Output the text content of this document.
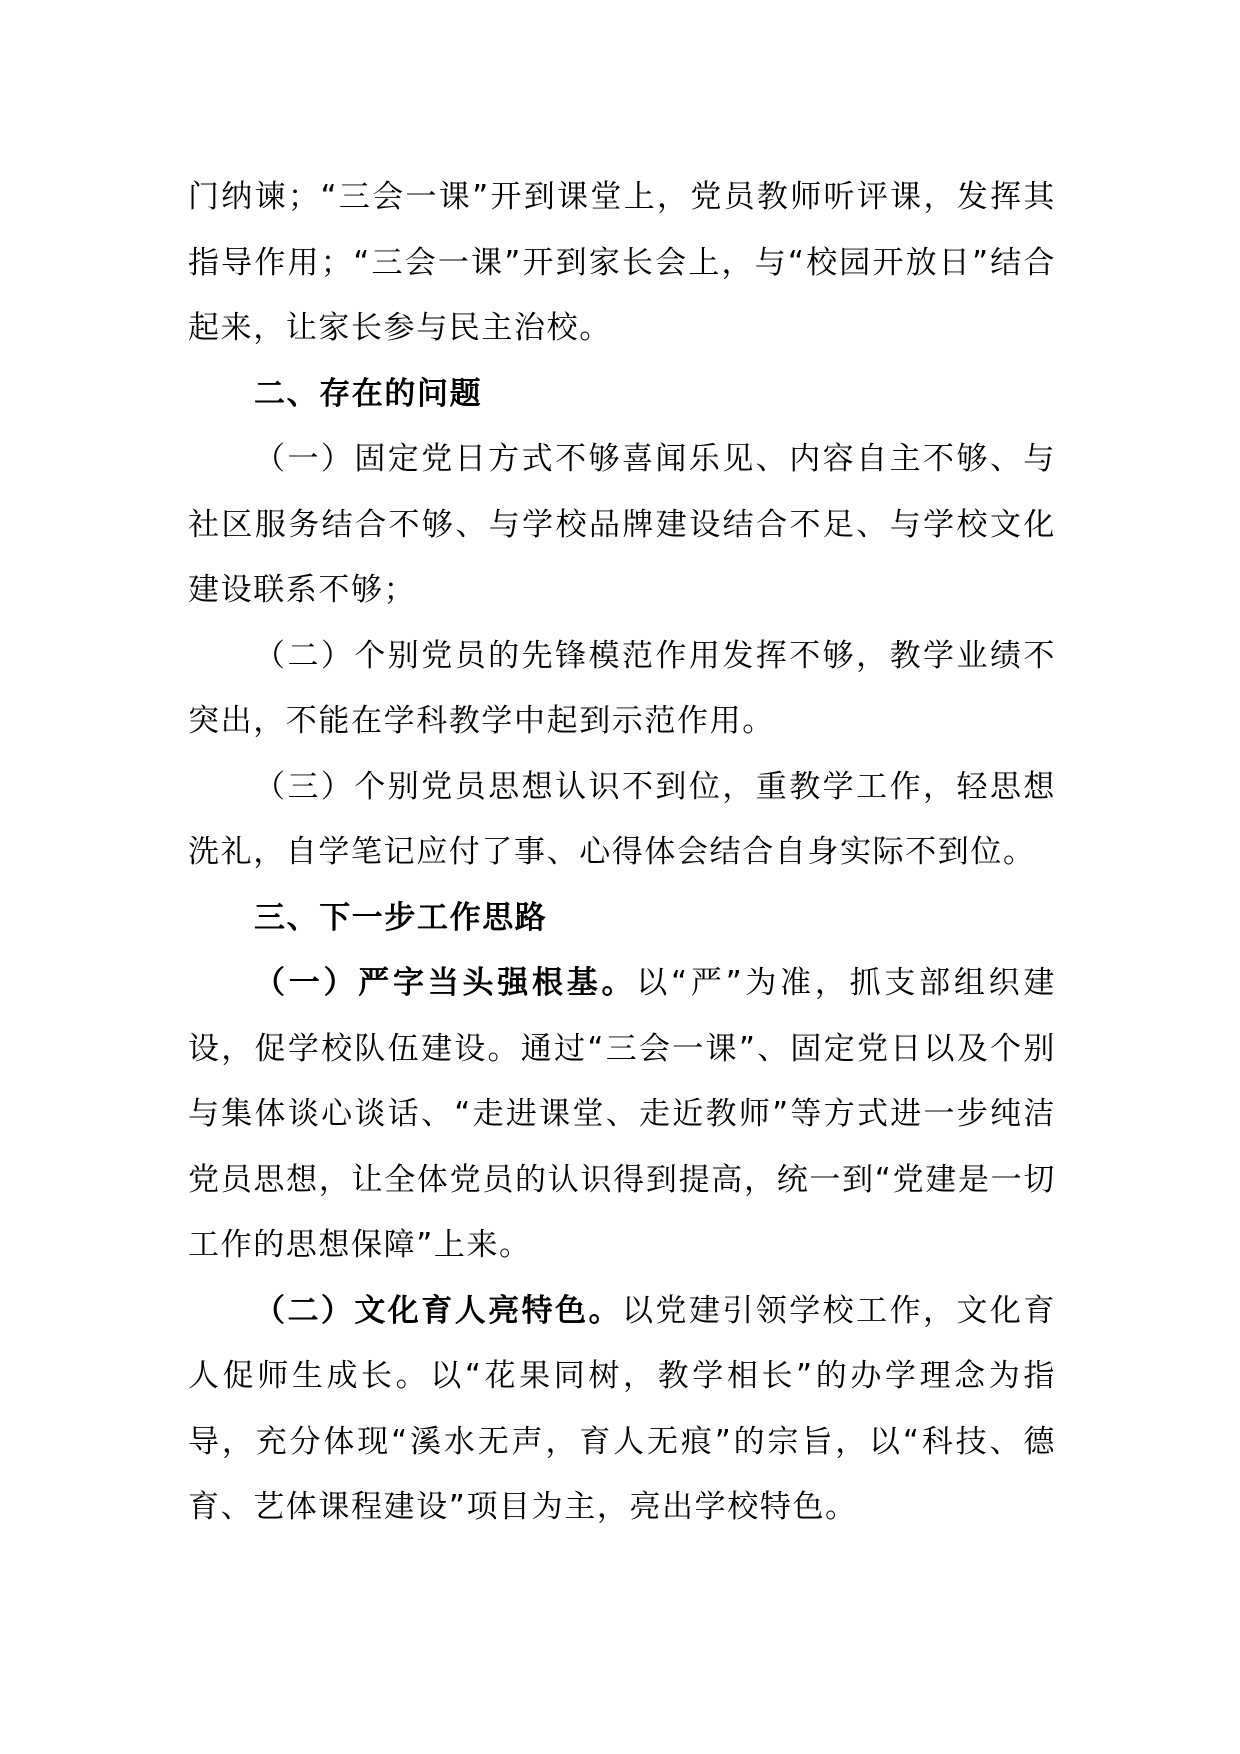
门纳谏；“三会一课”开到课堂上，党员教师听评课，发挥其指导作用；“三会一课”开到家长会上，与“校园开放日”结合起来，让家长参与民主治校。

二、存在的问题

（一）固定党日方式不够喜闻乐见、内容自主不够、与社区服务结合不够、与学校品牌建设结合不足、与学校文化建设联系不够；

（二）个别党员的先锋模范作用发挥不够，教学业绩不突出，不能在学科教学中起到示范作用。

（三）个别党员思想认识不到位，重教学工作，轻思想洗礼，自学笔记应付了事、心得体会结合自身实际不到位。

三、下一步工作思路

（一）严字当头强根基。以“严”为准，抓支部组织建设，促学校队伍建设。通过“三会一课”、固定党日以及个别与集体谈心谈话、“走进课堂、走近教师”等方式进一步纯洁党员思想，让全体党员的认识得到提高，统一到“党建是一切工作的思想保障”上来。

（二）文化育人亮特色。以党建引领学校工作，文化育人促师生成长。以“花果同树，教学相长”的办学理念为指导，充分体现“溪水无声，育人无痕”的宗旨，以“科技、德育、艺体课程建设”项目为主，亮出学校特色。
